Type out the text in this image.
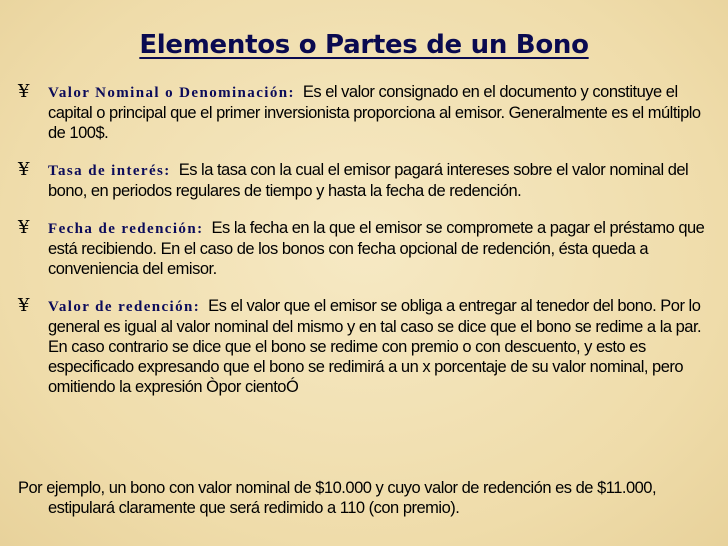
Elementos o Partes de un Bono
¥ Valor Nominal o Denominación: Es el valor consignado en el documento y constituye el capital o principal que el primer inversionista proporciona al emisor. Generalmente es el múltiplo de 100$.
¥ Tasa de interés: Es la tasa con la cual el emisor pagará intereses sobre el valor nominal del bono, en periodos regulares de tiempo y hasta la fecha de redención.
¥ Fecha de redención: Es la fecha en la que el emisor se compromete a pagar el préstamo que está recibiendo. En el caso de los bonos con fecha opcional de redención, ésta queda a conveniencia del emisor.
¥ Valor de redención: Es el valor que el emisor se obliga a entregar al tenedor del bono. Por lo general es igual al valor nominal del mismo y en tal caso se dice que el bono se redime a la par. En caso contrario se dice que el bono se redime con premio o con descuento, y esto es especificado expresando que el bono se redimirá a un x porcentaje de su valor nominal, pero omitiendo la expresión Òpor cientoÓ
Por ejemplo, un bono con valor nominal de $10.000 y cuyo valor de redención es de $11.000, estipulará claramente que será redimido a 110 (con premio).
